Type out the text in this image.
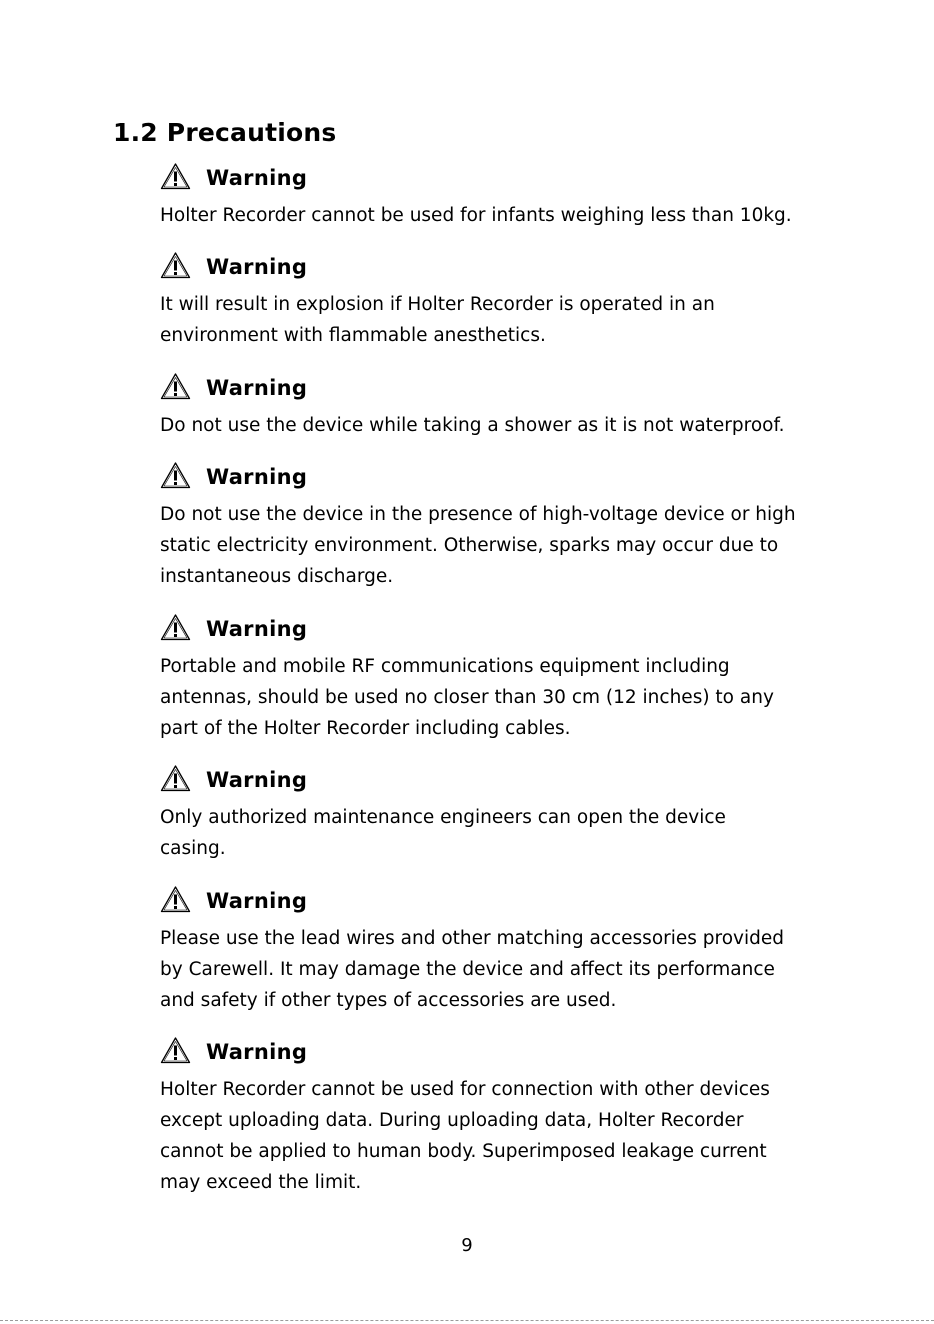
1.2 Precautions
Warning

Holter Recorder cannot be used for infants weighing less than 10kg.

Warning

It will result in explosion if Holter Recorder is operated in an
environment with flammable anesthetics.

Warning

Do not use the device while taking a shower as it is not waterproof.

Warning

Do not use the device in the presence of high-voltage device or high
static electricity environment. Otherwise, sparks may occur due to
instantaneous discharge.

Warning

Portable and mobile RF communications equipment including
antennas, should be used no closer than 30 cm (12 inches) to any
part of the Holter Recorder including cables.

Warning

Only authorized maintenance engineers can open the device
casing.

Warning

Please use the lead wires and other matching accessories provided
by Carewell. It may damage the device and affect its performance
and safety if other types of accessories are used.

Warning

Holter Recorder cannot be used for connection with other devices
except uploading data. During uploading data, Holter Recorder
cannot be applied to human body. Superimposed leakage current
may exceed the limit.

9
